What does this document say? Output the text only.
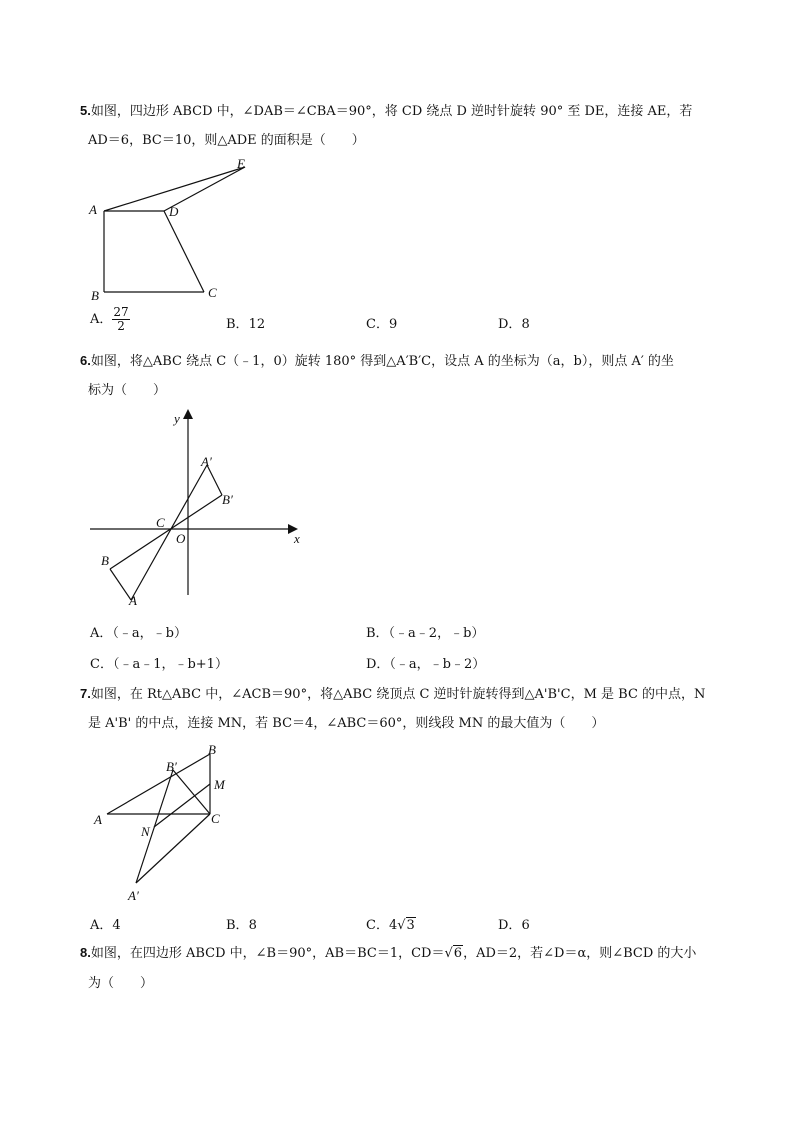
5.如图，四边形 ABCD 中，∠DAB＝∠CBA＝90°，将 CD 绕点 D 逆时针旋转 90° 至 DE，连接 AE，若
AD＝6，BC＝10，则△ADE 的面积是（　　）
A
B	C
D
E
A． $\frac{27}{2}$	B．12	C．9	D．8
6.如图，将△ABC 绕点 C（﹣1，0）旋转 180° 得到△A′B′C，设点 A 的坐标为（a，b），则点 A′ 的坐
标为（　　）
y
x
O
C
B
A
A′
B′
A．（﹣a，﹣b）	B．（﹣a﹣2，﹣b）
C．（﹣a﹣1，﹣b+1）	D．（﹣a，﹣b﹣2）
7.如图，在 Rt△ABC 中，∠ACB＝90°，将△ABC 绕顶点 C 逆时针旋转得到△A'B'C，M 是 BC 的中点，N
是 A'B' 的中点，连接 MN，若 BC＝4，∠ABC＝60°，则线段 MN 的最大值为（　　）
A
B
C
M
N
B′
A′
A．4	B．8	C．4√3	D．6
8.如图，在四边形 ABCD 中，∠B＝90°，AB＝BC＝1，CD＝√6，AD＝2，若∠D＝α，则∠BCD 的大小
为（　　）
